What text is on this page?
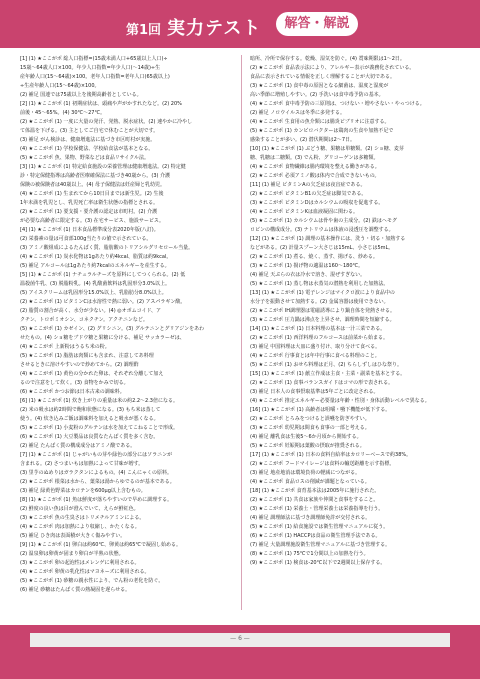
第1回 実力テスト	解答・解説
[1] (1) ★ここがポ 総人口指標=(15歳未満人口+65歳以上人口)÷
15歳～64歳人口×100。年少人口指数=年少人口(～14歳)÷生
産年齢人口(15～64歳)×100。老年人口指数=老年人口(65歳以上)
÷生産年齢人口(15～64歳)×100。
(2) 補足 国連では75歳以上を後期高齢者としている。
[2] (1) ★ここがポ (1) 初期症状は、頭痛や声がかすれたなど。(2) 20%
前後・45～65%。(4) 30℃～27℃。
(2) ★ここがポ (1) 一度に大量の発汗、発熱、脱水症状。(2) 速やかに冷やし
て体温を下げる。(3) 主としてご自宅で休むことが大切です。
(3) 補足 がん検診は、健康増進法に基づき市区町村が実施。
(4) ★ここがポ (1) 学校保健法、学校給食法が基本となる。
(5) ★ここがポ 魚、果物、野菜などは食品リサイクル法。
[3] (1) ★ここがポ (1) 特定給食施設の栄養管理は健康増進法。(2) 特定健
診・特定保健指導は高齢者医療確保法に基づき40歳から。(3) 介護
保険の被保険者は40歳以上。(4) 母子保健法は妊産婦と乳幼児。
(4) ★ここがポ (1) 生まれてから10日目までは新生児。(2) 生後
1年未満を乳児とし、乳児死亡率は衛生状態の指標とされる。
(2) ★ここがポ (1) 要支援・要介護の認定は市町村。(2) 介護
が必要な高齢者に限定する。(3) 在宅サービス、施設サービス。
[4] (1) ★ここがポ (1) 日本食品標準成分表2020年版(八訂)。
(2) 栄養素の量は可食部100g当たりの値で示されている。
(3) アミノ酸組成によるたんぱく質、脂肪酸のトリアシルグリセロール当量。
(4) ★ここがポ (1) 炭水化物は1gあたり約4kcal、脂質は約9kcal。
(5) 補足 アルコールは1gあたり約7kcalのエネルギーを産生する。
[5] (1) ★ここがポ (1) ナチュラルチーズを原料にしてつくられる。(2) 低
温殺菌牛乳、(3) 脱脂粉乳。(4) 乳酸菌飲料は乳固形分3.0%以上。
(5) アイスクリームは乳固形分15.0%以上、乳脂肪分8.0%以上。
(2) ★ここがポ (1) ビタミンCは水溶性で熱に弱い。(2) アスパラギン酸。
(2) 脂質の割合が高く、水分が少ない。(4) ◎オボムコイド、ア
クチン、トロポミオシン、コネクチン。アクチニンなど。
(5) ★ここがポ (1) カゼイン、(2) グリシニン。(3) グルテニンとグリアジンをあわ
せたもの。(4) ショ糖をブドウ糖と果糖に分ける、補足 サッカラーゼは、
(4) ★ここがポ 上新粉はうるち米の粉。
(5) ★ここがポ (1) 脂肪は肉類にも含まれ、注意してあ料理
させるときに溶けやすいので炒めてから。(2) 調理酢
(4) ★ここがポ (1) 黄色の分かれた卵は、それぞれ分離して加え
るので注意をして炊く。(3) 食物をかみで切る。
(6) ★ここがポ かつお節は日本古来の調味料。
[6] (1) ★ここがポ (1) 炊き上がりの重量は米の約2.2～2.3倍になる。
(2) 米の吸水は約2時間で飽和状態になる。(3) もち米は蒸して
使う。(4) 炊き込みご飯は調味料を加えると吸水が悪くなる。
(5) ★ここがポ (1) 小麦粉のグルテンは水を加えてこねることで形成。
(6) ★ここがポ (1) 大豆製品は良質なたんぱく質を多く含む。
(2) 補足 たんぱく質の構成成分はアミノ酸である。
[7] (1) ★ここがポ (1) じゃがいもの芽や緑色の部分にはソラニンが
含まれる。(2) さつまいもは加熱によって甘味が増す。
(3) 里芋のぬめりはガラクタンによるもの。(4) こんにゃくの原料。
(2) ★ここがポ 根菜は水から、葉菜は湯からゆでるのが基本である。
(3) 補足 緑黄色野菜はカロテンを600μg以上含むもの。
[8] (1) ★ここがポ (1) 魚は鮮度が落ちやすいので早めに調理する。
(2) 鮮度の良い魚は目が澄んでいて、えらが鮮紅色。
(3) ★ここがポ 魚の生臭さはトリメチルアミンによる。
(4) ★ここがポ 肉は加熱により収縮し、かたくなる。
(5) 補足 ひき肉は表面積が大きく傷みやすい。
[9] (1) ★ここがポ (1) 卵白は約60℃、卵黄は約65℃で凝固し始める。
(2) 温泉卵は卵黄が固まり卵白が半熟の状態。
(3) ★ここがポ 卵の起泡性はメレンゲに利用される。
(4) ★ここがポ 卵黄の乳化性はマヨネーズに利用される。
(5) ★ここがポ (1) 砂糖の親水性により、でん粉の老化を防ぐ。
(6) 補足 砂糖はたんぱく質の熱凝固を遅らせる。
暗所、冷所で保存する。乾燥、湿気を防ぐ。(4) 賞味期限は1～2日。
(2) ★ここがポ 食品表示法により、アレルギー表示が義務化されている。
食品に表示されている情報を正しく理解することが大切である。
(3) ★ここがポ (1) 食中毒の原因となる細菌は、温度と湿度が
高い季節に増殖しやすい。(2) 手洗いは食中毒予防の基本。
(4) ★ここがポ 食中毒予防の三原則は、つけない・増やさない・やっつける。
(2) 補足 ノロウイルスは冬季に多発する。
(4) ★ここがポ 生食用の魚介類には腸炎ビブリオに注意する。
(5) ★ここがポ (1) カンピロバクターは鶏肉の生食や加熱不足で
感染することが多い。(2) 潜伏期間は2～7日。
[10] (1) ★ここがポ (1) ぶどう糖、果糖は単糖類。(2) ショ糖、麦芽
糖、乳糖は二糖類。(3) でん粉、グリコーゲンは多糖類。
(4) ★ここがポ 食物繊維は腸内環境を整える働きがある。
(2) ★ここがポ 必須アミノ酸は体内で合成できないもの。
[11] (1) 補足 ビタミンAの欠乏症は夜盲症である。
(2) ★ここがポ ビタミンB1の欠乏症は脚気である。
(3) ★ここがポ ビタミンDはカルシウムの吸収を促進する。
(4) ★ここがポ ビタミンKは血液凝固に関わる。
(5) ★ここがポ (1) カルシウムは骨や歯の主成分。(2) 鉄はヘモグ
ロビンの構成成分。(3) ナトリウムは体液の浸透圧を調整する。
[12] (1) ★ここがポ (1) 調理の基本操作には、洗う・切る・加熱する
などがある。(2) 計量スプーン大さじは15mL、小さじは5mL。
(2) ★ここがポ (1) 煮る、焼く、蒸す、揚げる、炒める。
(3) ★ここがポ (1) 揚げ物の適温は160～180℃。
(4) 補足 天ぷらの衣は冷水で溶き、混ぜすぎない。
(5) ★ここがポ (1) 蒸し物は水蒸気の潜熱を利用した加熱法。
[13] (1) ★ここがポ (1) 電子レンジはマイクロ波により食品中の
水分子を振動させて加熱する。(2) 金属容器は使用できない。
(2) ★ここがポ IH調理器は電磁誘導により鍋自体を発熱させる。
(3) ★ここがポ 圧力鍋は沸点を上昇させ、調理時間を短縮する。
[14] (1) ★ここがポ (1) 日本料理の基本は一汁三菜である。
(2) ★ここがポ (1) 西洋料理のフルコースは前菜から始まる。
(3) 補足 中国料理は大皿に盛り付け、取り分けて食べる。
(4) ★ここがポ 行事食とは年中行事に食べる料理のこと。
(5) ★ここがポ (1) おせち料理は正月、(2) ちらしずしはひな祭り。
[15] (1) ★ここがポ (1) 献立作成は主食・主菜・副菜を基本とする。
(2) ★ここがポ (1) 食事バランスガイドはコマの形で表される。
(3) 補足 日本人の食事摂取基準は5年ごとに改定される。
(4) ★ここがポ 推定エネルギー必要量は年齢・性別・身体活動レベルで異なる。
[16] (1) ★ここがポ (1) 高齢者は咀嚼・嚥下機能が低下する。
(2) ★ここがポ とろみをつけると誤嚥を防ぎやすい。
(3) ★ここがポ 幼児期は間食も食事の一部と考える。
(4) 補足 離乳食は生後5～6か月頃から開始する。
(5) ★ここがポ 妊娠期は葉酸の摂取が推奨される。
[17] (1) ★ここがポ (1) 日本の食料自給率はカロリーベースで約38%。
(2) ★ここがポ フードマイレージは食料の輸送距離を示す指標。
(3) 補足 地産地消は環境負荷の軽減につながる。
(4) ★ここがポ 食品ロスの削減が課題となっている。
[18] (1) ★ここがポ 食育基本法は2005年に施行された。
(2) ★ここがポ (1) 共食は家族や仲間と食事をすること。
(3) ★ここがポ (1) 栄養士・管理栄養士は栄養指導を行う。
(4) 補足 調理師法に基づき調理師免許が交付される。
(5) ★ここがポ (1) 給食施設では衛生管理マニュアルに従う。
(6) ★ここがポ (1) HACCPは食品の衛生管理手法である。
(7) 補足 大量調理施設衛生管理マニュアルに基づき管理する。
(8) ★ここがポ (1) 75℃で1分間以上の加熱を行う。
(9) ★ここがポ (1) 検食は-20℃以下で2週間以上保存する。
— 6 —
